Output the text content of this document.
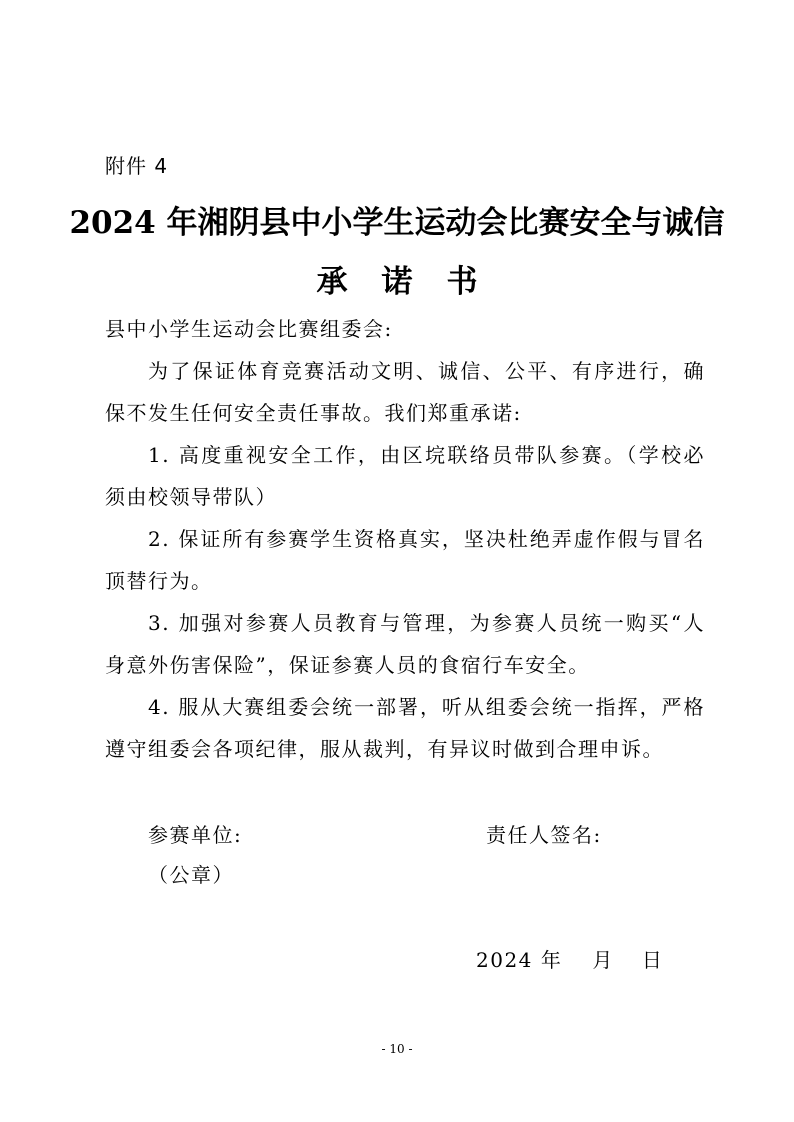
附件 4
2024 年湘阴县中小学生运动会比赛安全与诚信
承诺书
县中小学生运动会比赛组委会:
为了保证体育竞赛活动文明、诚信、公平、有序进行，确保不发生任何安全责任事故。我们郑重承诺:
1. 高度重视安全工作，由区垸联络员带队参赛。（学校必须由校领导带队）
2. 保证所有参赛学生资格真实，坚决杜绝弄虚作假与冒名顶替行为。
3. 加强对参赛人员教育与管理，为参赛人员统一购买“人身意外伤害保险”，保证参赛人员的食宿行车安全。
4. 服从大赛组委会统一部署，听从组委会统一指挥，严格遵守组委会各项纪律，服从裁判，有异议时做到合理申诉。
参赛单位:
（公章）
责任人签名:
2024 年 月 日
- 10 -
